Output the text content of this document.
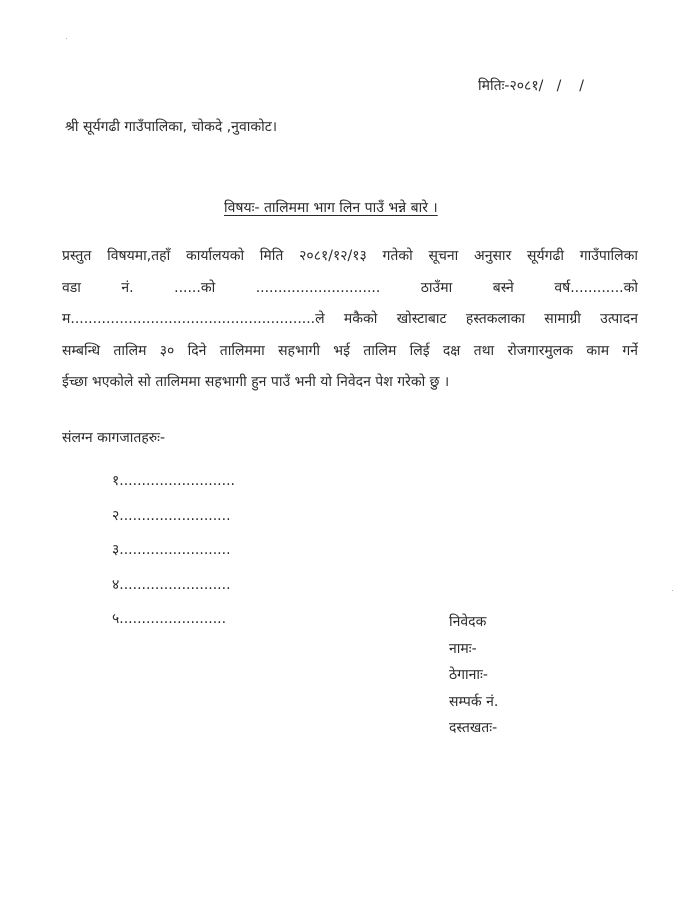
मितिः-२०८१/   /    /
श्री सूर्यगढी गाउँपालिका, चोकदे ,नुवाकोट।
विषयः- तालिममा भाग लिन पाउँ भन्ने बारे ।
प्रस्तुत विषयमा,तहाँ कार्यालयको मिति २०८१/१२/१३ गतेको सूचना अनुसार सूर्यगढी गाउँपालिका
वडा नं. ......को ............................ ठाउँमा बस्ने वर्ष............को
म.......................................................ले मकैको खोस्टाबाट हस्तकलाका सामाग्री उत्पादन
सम्बन्धि तालिम ३० दिने तालिममा सहभागी भई तालिम लिई दक्ष तथा रोजगारमुलक काम गर्ने
ईच्छा भएकोले सो तालिममा सहभागी हुन पाउँ भनी यो निवेदन पेश गरेको छु ।
संलग्न कागजातहरुः-
१..........................
२.........................
३.........................
४.........................
५........................	निवेदक
नामः-
ठेगानाः-
सम्पर्क नं.
दस्तखतः-
